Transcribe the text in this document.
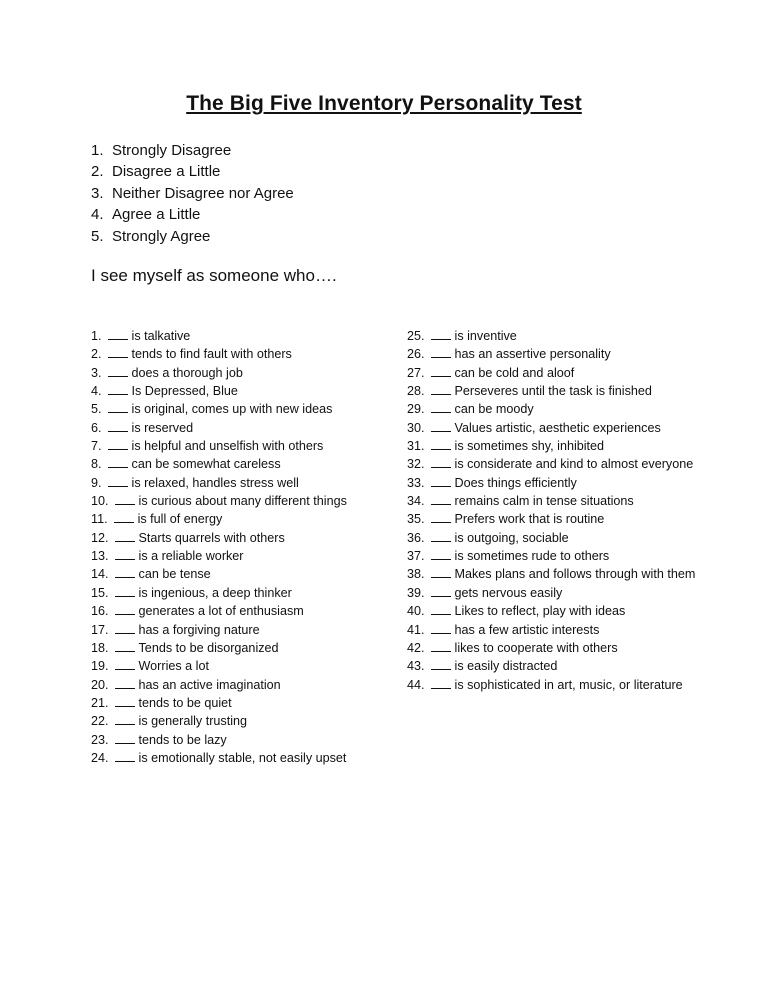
The Big Five Inventory Personality Test
1. Strongly Disagree
2. Disagree a Little
3. Neither Disagree nor Agree
4. Agree a Little
5. Strongly Agree
I see myself as someone who….
1. is talkative
2. tends to find fault with others
3. does a thorough job
4. Is Depressed, Blue
5. is original, comes up with new ideas
6. is reserved
7. is helpful and unselfish with others
8. can be somewhat careless
9. is relaxed, handles stress well
10. is curious about many different things
11. is full of energy
12. Starts quarrels with others
13. is a reliable worker
14. can be tense
15. is ingenious, a deep thinker
16. generates a lot of enthusiasm
17. has a forgiving nature
18. Tends to be disorganized
19. Worries a lot
20. has an active imagination
21. tends to be quiet
22. is generally trusting
23. tends to be lazy
24. is emotionally stable, not easily upset
25. is inventive
26. has an assertive personality
27. can be cold and aloof
28. Perseveres until the task is finished
29. can be moody
30. Values artistic, aesthetic experiences
31. is sometimes shy, inhibited
32. is considerate and kind to almost everyone
33. Does things efficiently
34. remains calm in tense situations
35. Prefers work that is routine
36. is outgoing, sociable
37. is sometimes rude to others
38. Makes plans and follows through with them
39. gets nervous easily
40. Likes to reflect, play with ideas
41. has a few artistic interests
42. likes to cooperate with others
43. is easily distracted
44. is sophisticated in art, music, or literature
